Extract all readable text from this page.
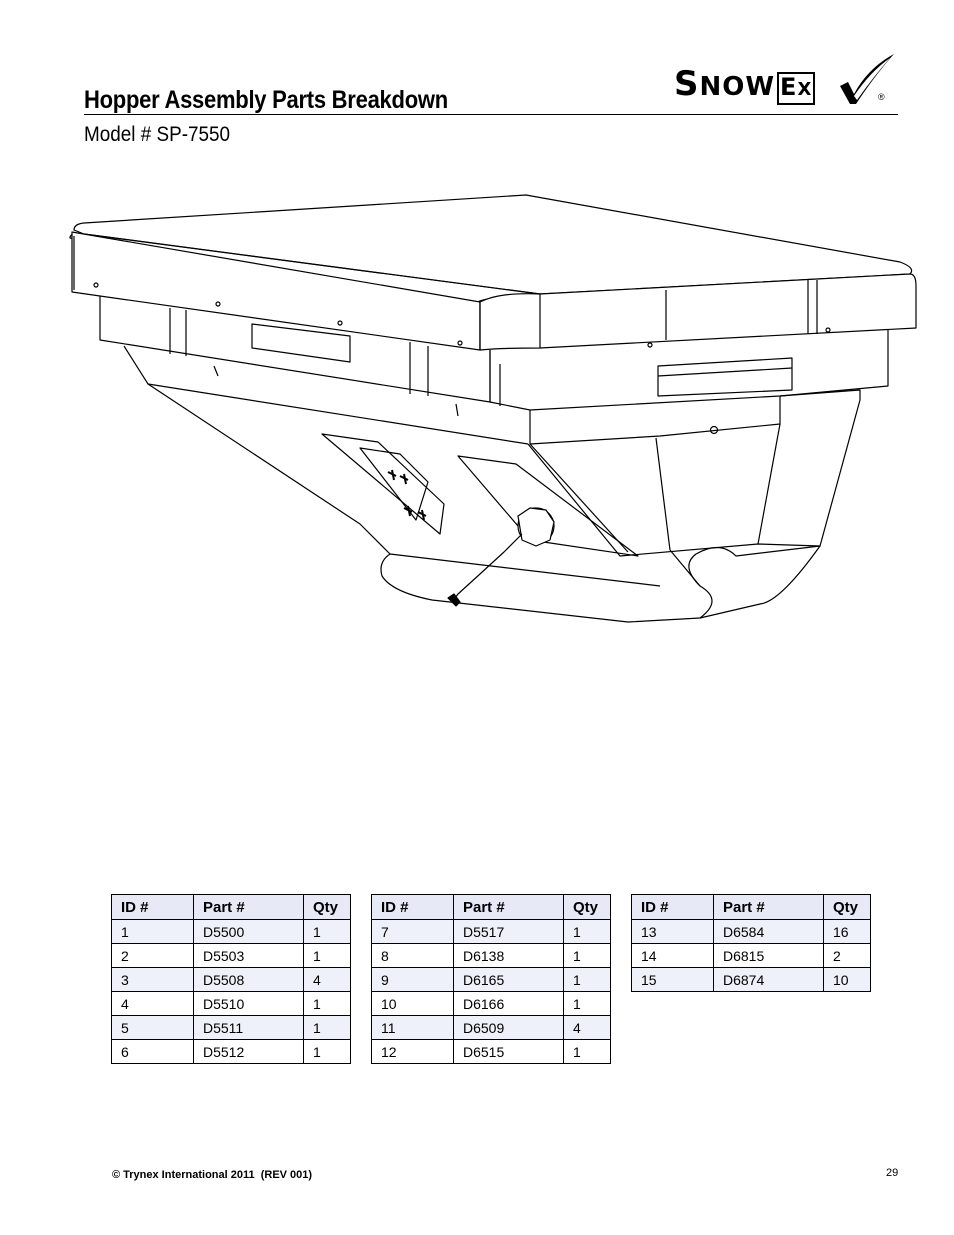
Hopper Assembly Parts Breakdown
Model # SP-7550
SNOW EX	®
ID #	Part #	Qty
1	D5500	1
2	D5503	1
3	D5508	4
4	D5510	1
5	D5511	1
6	D5512	1
ID #	Part #	Qty
7	D5517	1
8	D6138	1
9	D6165	1
10	D6166	1
11	D6509	4
12	D6515	1
ID #	Part #	Qty
13	D6584	16
14	D6815	2
15	D6874	10
© Trynex International 2011  (REV 001)	29
